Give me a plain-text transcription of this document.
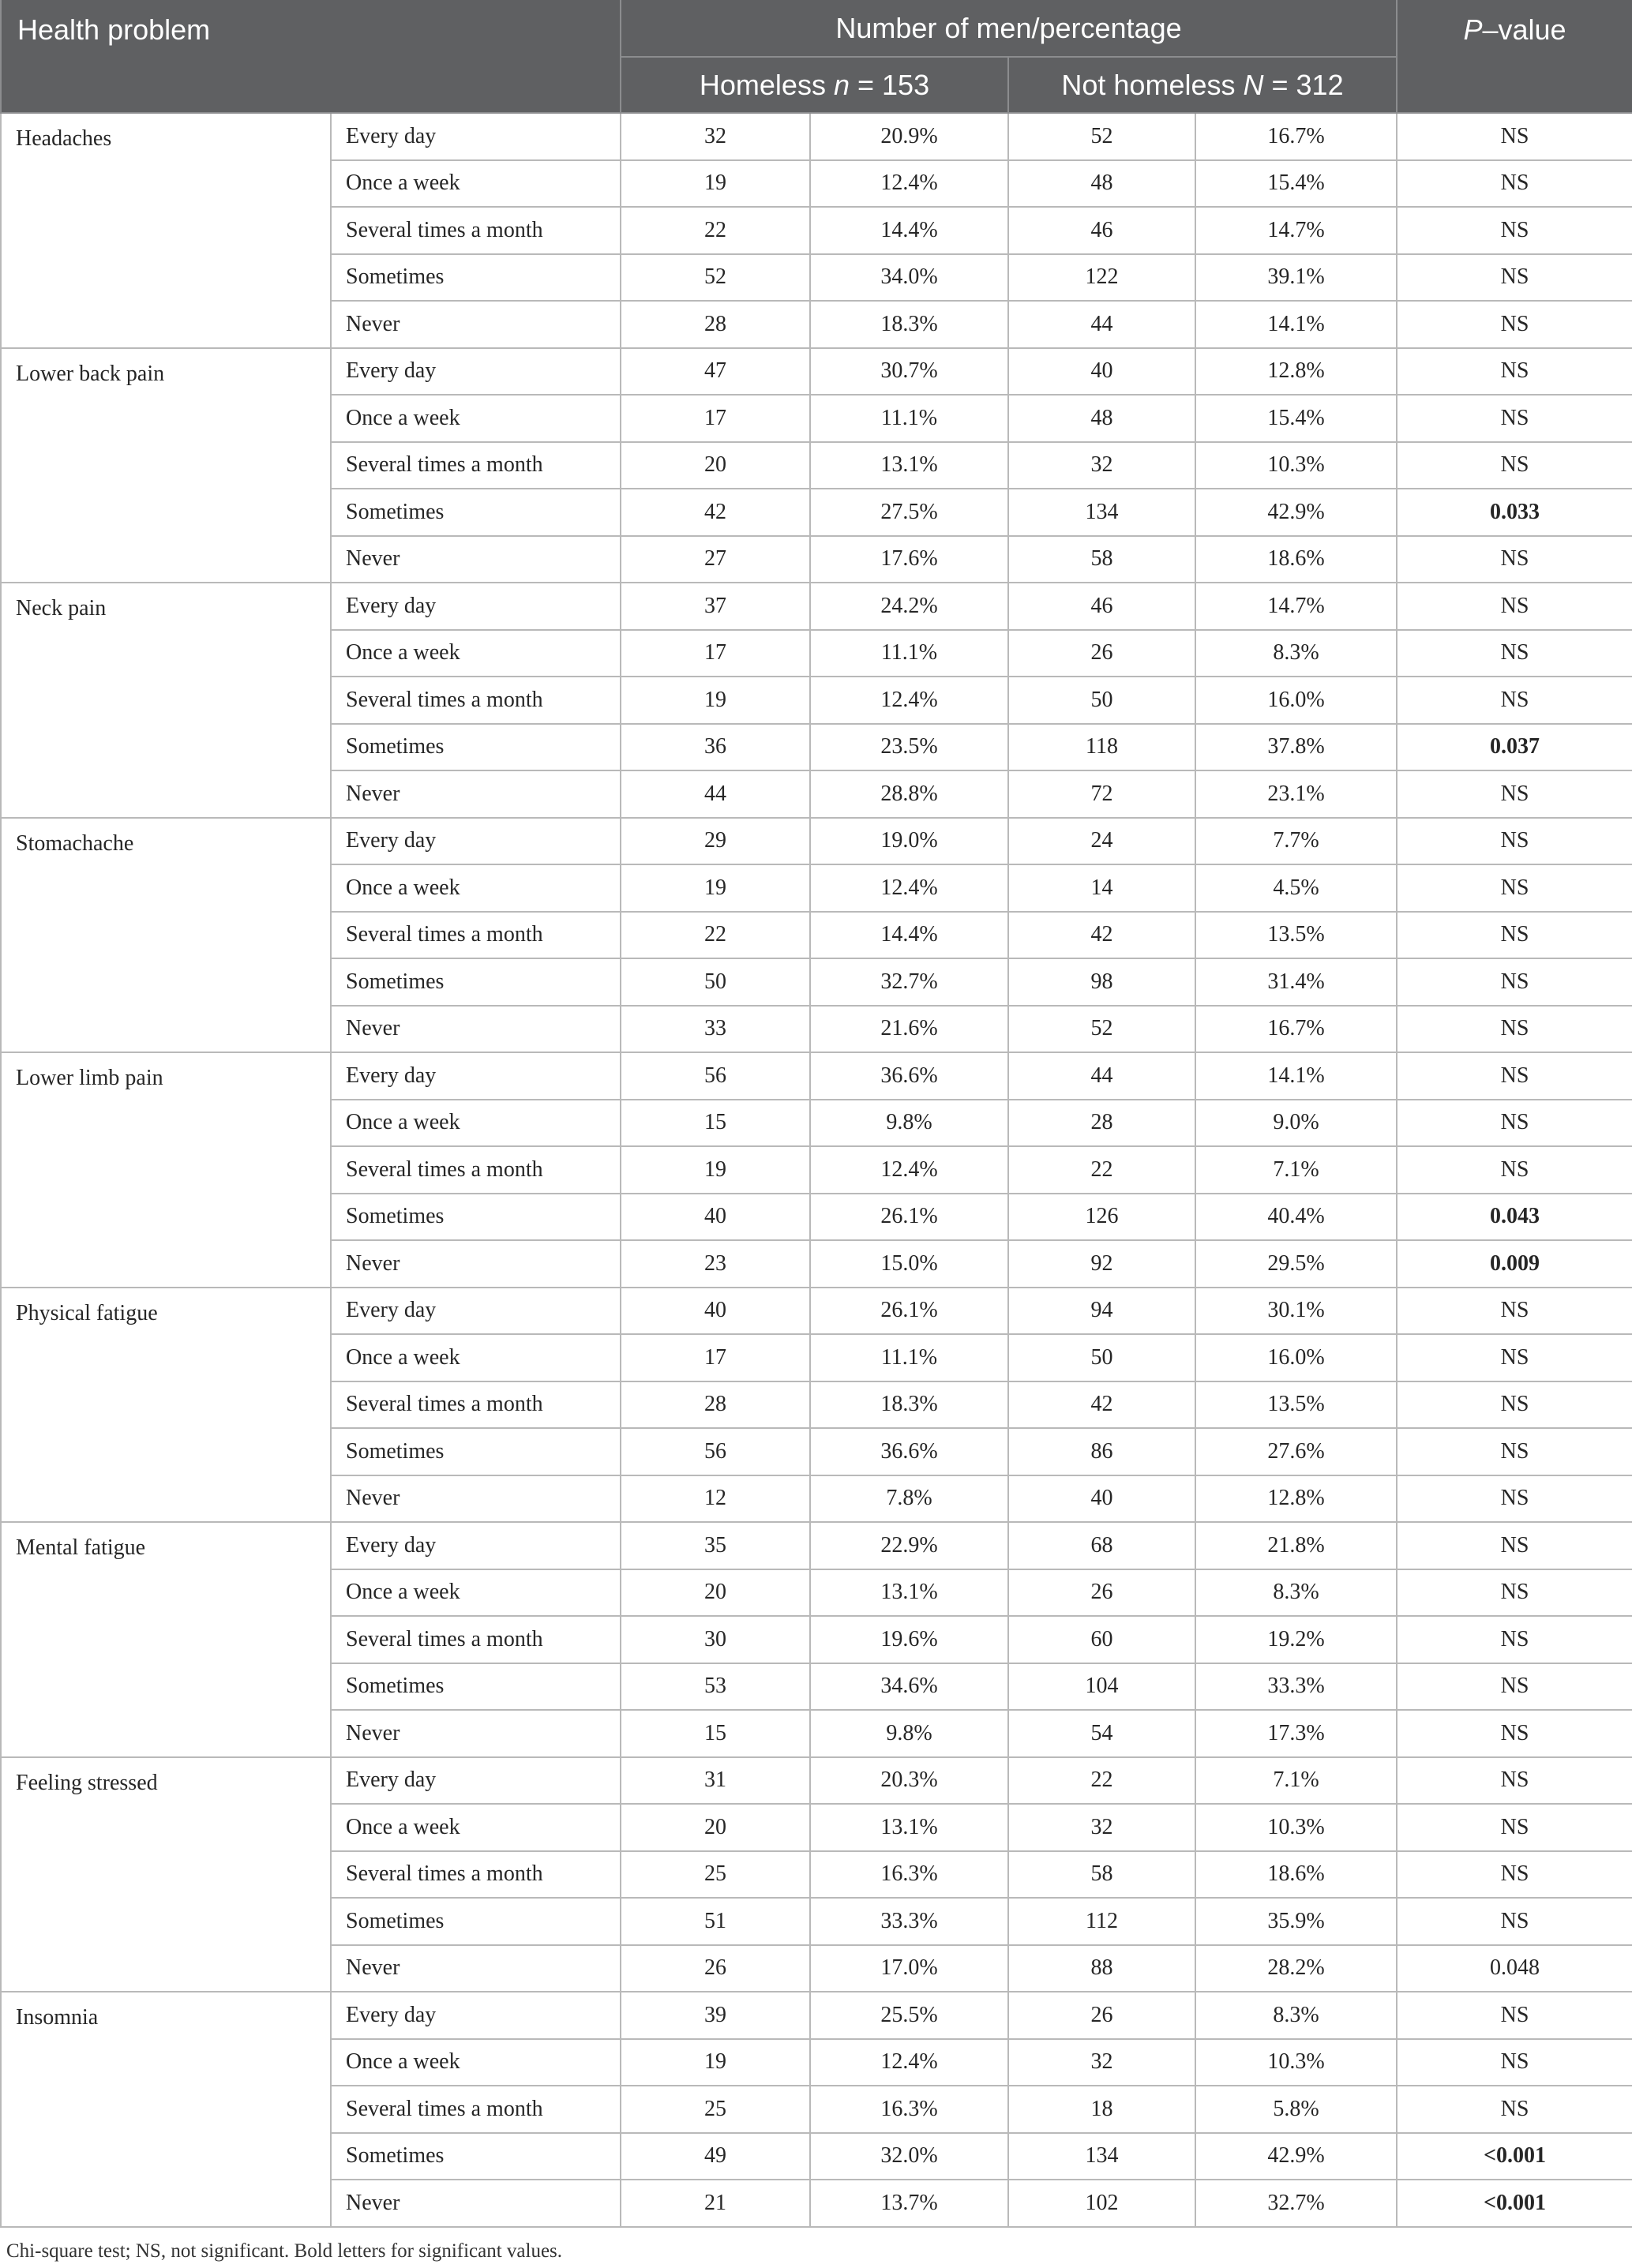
Health problem		Number of men/percentage				P–value
		Homeless n = 153		Not homeless N = 312		
Headaches	Every day	32	20.9%	52	16.7%	NS
	Once a week	19	12.4%	48	15.4%	NS
	Several times a month	22	14.4%	46	14.7%	NS
	Sometimes	52	34.0%	122	39.1%	NS
	Never	28	18.3%	44	14.1%	NS
Lower back pain	Every day	47	30.7%	40	12.8%	NS
	Once a week	17	11.1%	48	15.4%	NS
	Several times a month	20	13.1%	32	10.3%	NS
	Sometimes	42	27.5%	134	42.9%	0.033
	Never	27	17.6%	58	18.6%	NS
Neck pain	Every day	37	24.2%	46	14.7%	NS
	Once a week	17	11.1%	26	8.3%	NS
	Several times a month	19	12.4%	50	16.0%	NS
	Sometimes	36	23.5%	118	37.8%	0.037
	Never	44	28.8%	72	23.1%	NS
Stomachache	Every day	29	19.0%	24	7.7%	NS
	Once a week	19	12.4%	14	4.5%	NS
	Several times a month	22	14.4%	42	13.5%	NS
	Sometimes	50	32.7%	98	31.4%	NS
	Never	33	21.6%	52	16.7%	NS
Lower limb pain	Every day	56	36.6%	44	14.1%	NS
	Once a week	15	9.8%	28	9.0%	NS
	Several times a month	19	12.4%	22	7.1%	NS
	Sometimes	40	26.1%	126	40.4%	0.043
	Never	23	15.0%	92	29.5%	0.009
Physical fatigue	Every day	40	26.1%	94	30.1%	NS
	Once a week	17	11.1%	50	16.0%	NS
	Several times a month	28	18.3%	42	13.5%	NS
	Sometimes	56	36.6%	86	27.6%	NS
	Never	12	7.8%	40	12.8%	NS
Mental fatigue	Every day	35	22.9%	68	21.8%	NS
	Once a week	20	13.1%	26	8.3%	NS
	Several times a month	30	19.6%	60	19.2%	NS
	Sometimes	53	34.6%	104	33.3%	NS
	Never	15	9.8%	54	17.3%	NS
Feeling stressed	Every day	31	20.3%	22	7.1%	NS
	Once a week	20	13.1%	32	10.3%	NS
	Several times a month	25	16.3%	58	18.6%	NS
	Sometimes	51	33.3%	112	35.9%	NS
	Never	26	17.0%	88	28.2%	0.048
Insomnia	Every day	39	25.5%	26	8.3%	NS
	Once a week	19	12.4%	32	10.3%	NS
	Several times a month	25	16.3%	18	5.8%	NS
	Sometimes	49	32.0%	134	42.9%	<0.001
	Never	21	13.7%	102	32.7%	<0.001
Chi-square test; NS, not significant. Bold letters for significant values.
